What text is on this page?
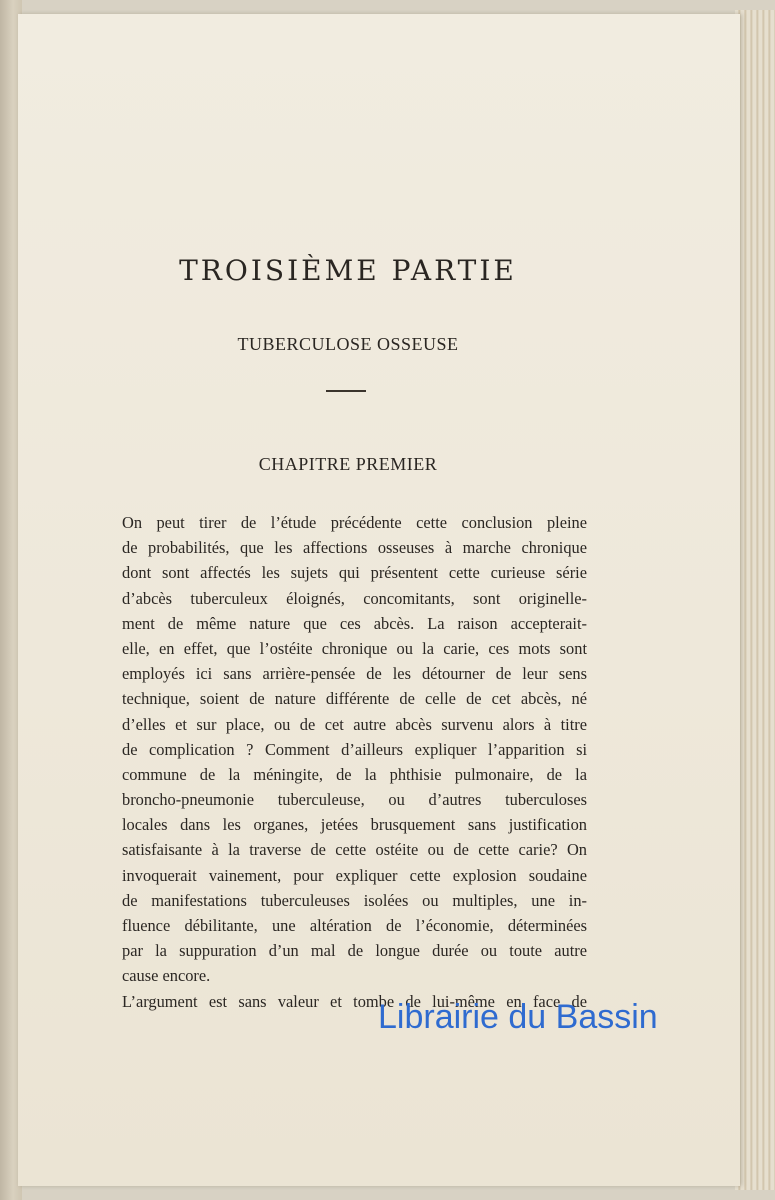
TROISIÈME PARTIE
TUBERCULOSE OSSEUSE
CHAPITRE PREMIER
On peut tirer de l’étude précédente cette conclusion pleine
de probabilités, que les affections osseuses à marche chronique
dont sont affectés les sujets qui présentent cette curieuse série
d’abcès tuberculeux éloignés, concomitants, sont originelle-
ment de même nature que ces abcès. La raison accepterait-
elle, en effet, que l’ostéite chronique ou la carie, ces mots sont
employés ici sans arrière-pensée de les détourner de leur sens
technique, soient de nature différente de celle de cet abcès, né
d’elles et sur place, ou de cet autre abcès survenu alors à titre
de complication ? Comment d’ailleurs expliquer l’apparition si
commune de la méningite, de la phthisie pulmonaire, de la
broncho-pneumonie tuberculeuse, ou d’autres tuberculoses
locales dans les organes, jetées brusquement sans justification
satisfaisante à la traverse de cette ostéite ou de cette carie? On
invoquerait vainement, pour expliquer cette explosion soudaine
de manifestations tuberculeuses isolées ou multiples, une in-
fluence débilitante, une altération de l’économie, déterminées
par la suppuration d’un mal de longue durée ou toute autre
cause encore.
L’argument est sans valeur et tombe de lui-même en face de
Librairie du Bassin
